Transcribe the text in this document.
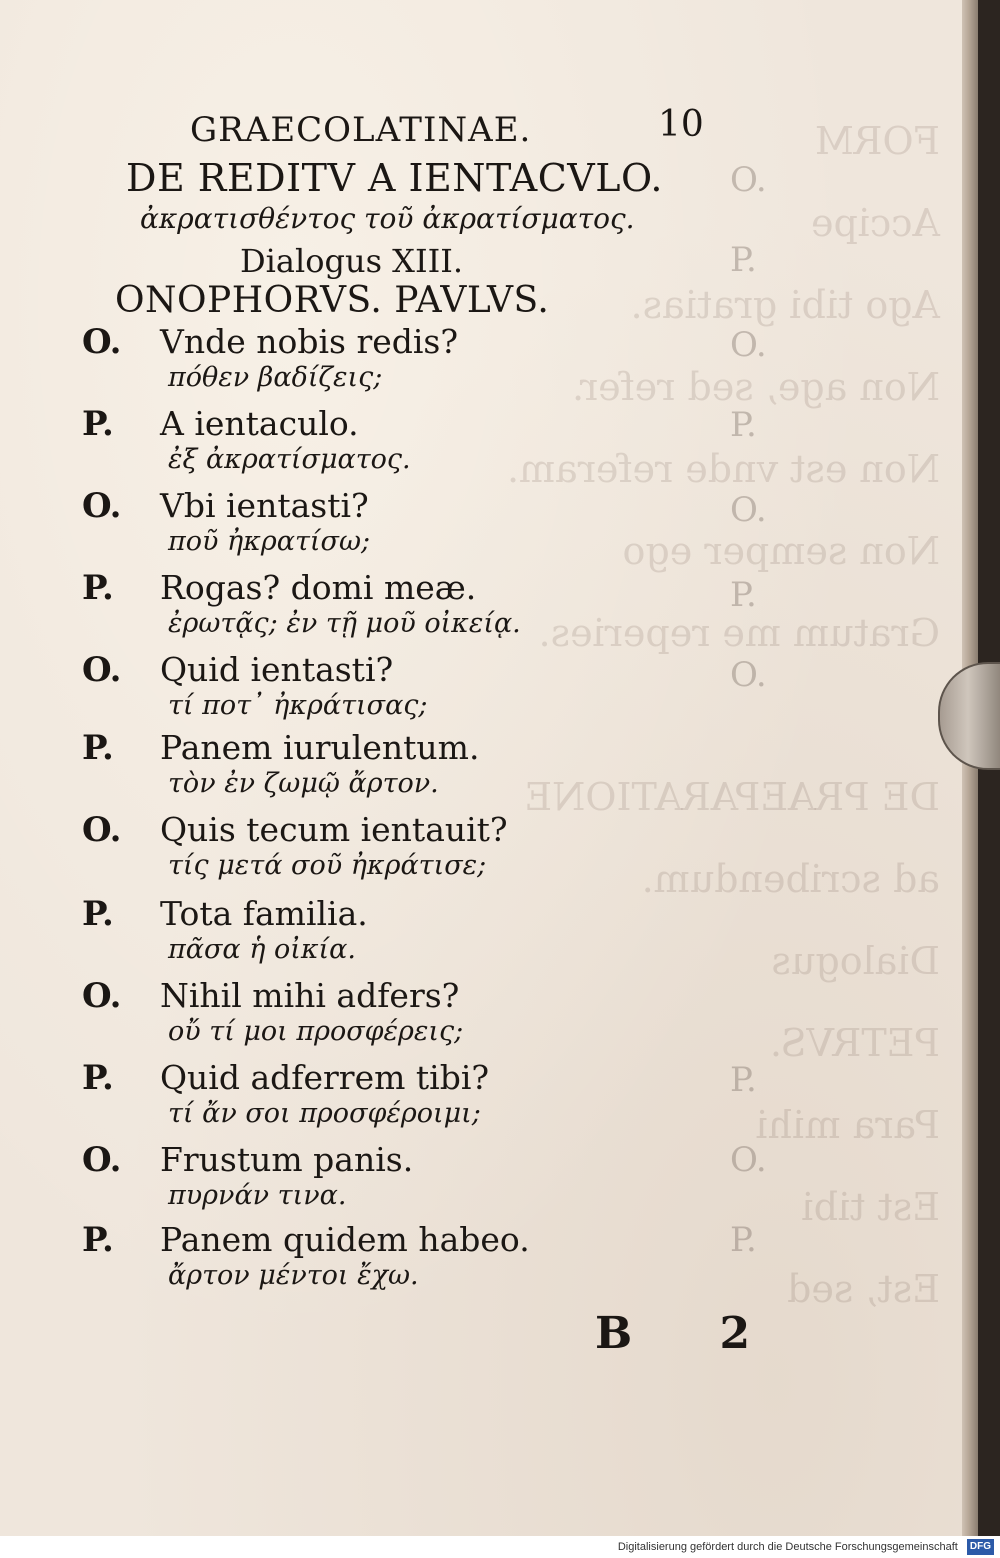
FORM
Accipe
Ago tibi gratias.
Non age, sed refer.
Non est vnde referam.
Non semper ego
Gratum me reperies.

DE PRAEPARATIONE
ad scribendum.
Dialogus
PETRVS.
Para mihi
Est tibi
Est, sed
O.
P.
O.
P.
O.
P.
O.
P.
O.
P.
GRAECOLATINAE.	10
DE REDITV A IENTACVLO.
ἀκρατισθέντος τοῦ ἀκρατίσματος.
Dialogus XIII.
ONOPHORVS. PAVLVS.
O. Vnde nobis redis?
πόθεν βαδίζεις;
P. A ientaculo.
ἐξ ἀκρατίσματος.
O. Vbi ientasti?
ποῦ ἠκρατίσω;
P. Rogas? domi meæ.
ἐρωτᾷς; ἐν τῇ μοῦ οἰκείᾳ.
O. Quid ientasti?
τί ποτ᾽ ἠκράτισας;
P. Panem iurulentum.
τὸν ἐν ζωμῷ ἄρτον.
O. Quis tecum ientauit?
τίς μετά σοῦ ἠκράτισε;
P. Tota familia.
πᾶσα ἡ οἰκία.
O. Nihil mihi adfers?
οὔ τί μοι προσφέρεις;
P. Quid adferrem tibi?
τί ἄν σοι προσφέροιμι;
O. Frustum panis.
πυρνάν τινα.
P. Panem quidem habeo.
ἄρτον μέντοι ἔχω.
B 2
Digitalisierung gefördert durch die Deutsche Forschungsgemeinschaft DFG
